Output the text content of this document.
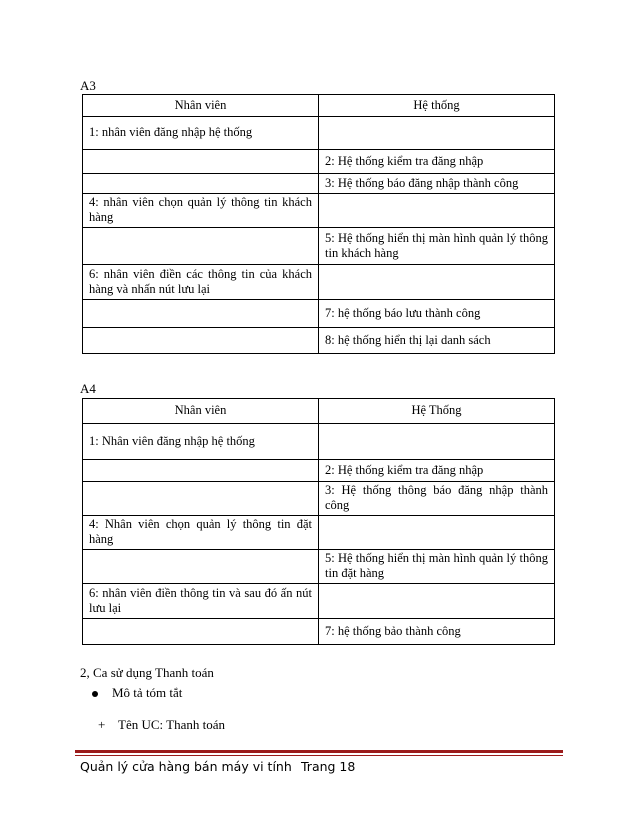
A3
Nhân viên	Hệ thống
1: nhân viên đăng nhập hệ thống	
	2: Hệ thống kiểm tra đăng nhập
	3: Hệ thống báo đăng nhập thành công
4: nhân viên chọn quản lý thông tin khách hàng	
	5: Hệ thống hiển thị màn hình quản lý thông tin khách hàng
6: nhân viên điền các thông tin của khách hàng và nhấn nút lưu lại	
	7: hệ thống báo lưu thành công
	8: hệ thống hiển thị lại danh sách
A4
Nhân viên	Hệ Thống
1: Nhân viên đăng nhập hệ thống	
	2: Hệ thống kiểm tra đăng nhập
	3: Hệ thống thông báo đăng nhập thành công
4: Nhân viên chọn quản lý thông tin đặt hàng	
	5: Hệ thống hiển thị màn hình quản lý thông tin đặt hàng
6: nhân viên điền thông tin và sau đó ấn nút lưu lại	
	7: hệ thống bảo thành công
2, Ca sử dụng Thanh toán
Mô tả tóm tắt
+ Tên UC: Thanh toán
Quản lý cửa hàng bán máy vi tính Trang 18
